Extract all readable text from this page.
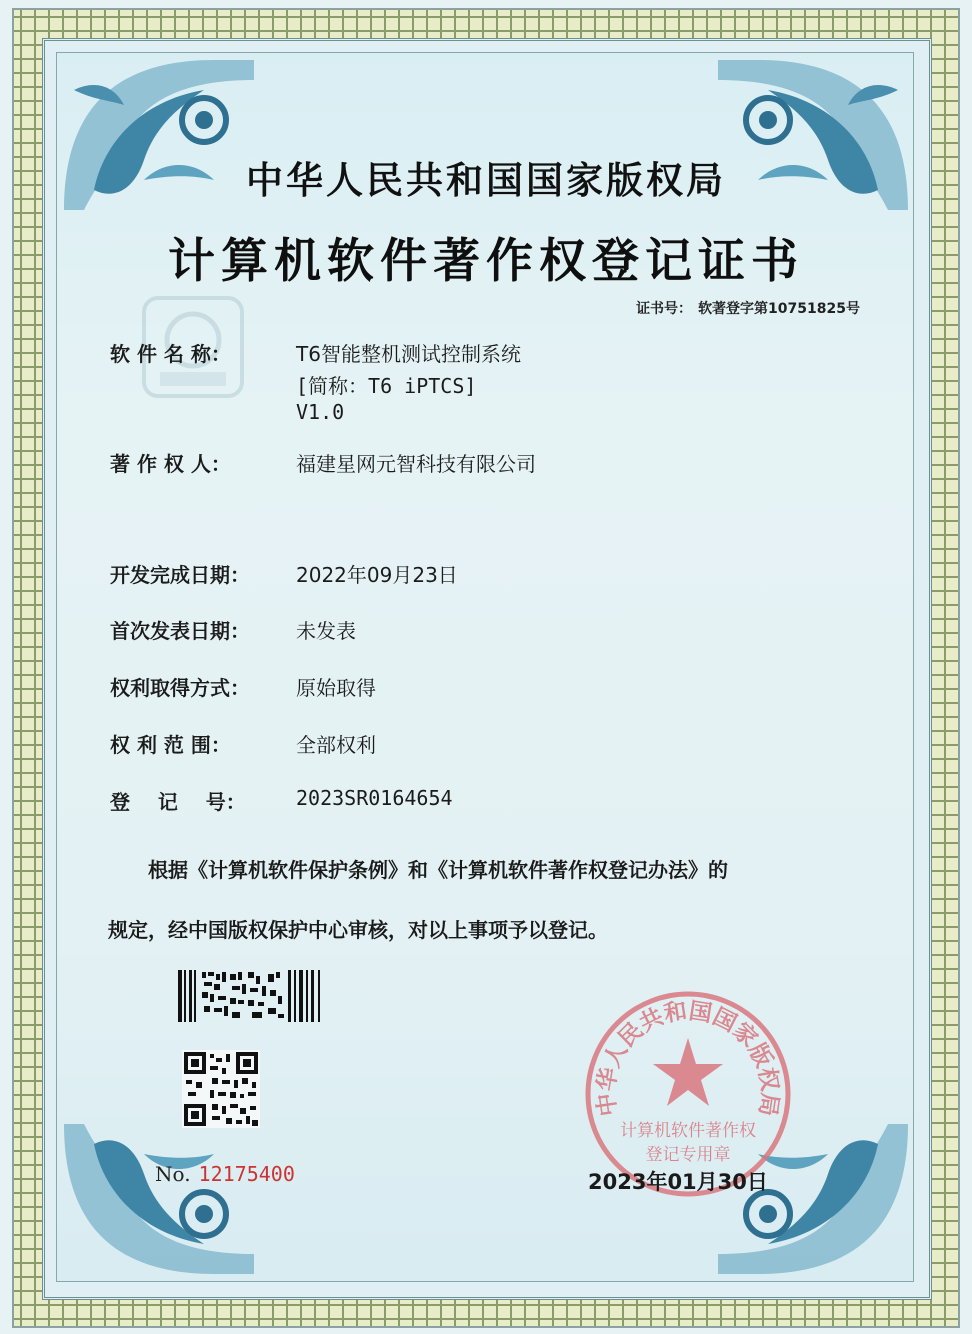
中华人民共和国国家版权局
计算机软件著作权登记证书
证书号： 软著登字第10751825号
软 件 名 称：	T6智能整机测试控制系统
[简称：T6 iPTCS]
V1.0
著 作 权 人：	福建星网元智科技有限公司
开发完成日期：	2022年09月23日
首次发表日期：	未发表
权利取得方式：	原始取得
权 利 范 围：	全部权利
登    记    号：	2023SR0164654
根据《计算机软件保护条例》和《计算机软件著作权登记办法》的
规定，经中国版权保护中心审核，对以上事项予以登记。
No. 12175400
中华人民共和国国家版权局
计算机软件著作权
登记专用章
2023年01月30日
